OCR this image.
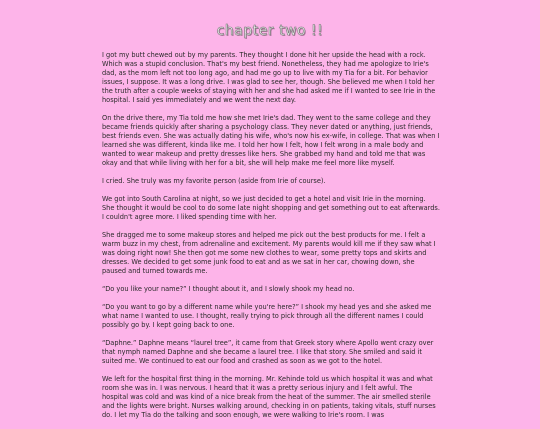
chapter two !!

I got my butt chewed out by my parents. They thought I done hit her upside the head with a rock. Which was a stupid conclusion. That's my best friend. Nonetheless, they had me apologize to Irie's dad, as the mom left not too long ago, and had me go up to live with my Tia for a bit. For behavior issues, I suppose. It was a long drive. I was glad to see her, though. She believed me when I told her the truth after a couple weeks of staying with her and she had asked me if I wanted to see Irie in the hospital. I said yes immediately and we went the next day.

On the drive there, my Tia told me how she met Irie's dad. They went to the same college and they became friends quickly after sharing a psychology class. They never dated or anything, just friends, best friends even. She was actually dating his wife, who's now his ex-wife, in college. That was when I learned she was different, kinda like me. I told her how I felt, how I felt wrong in a male body and wanted to wear makeup and pretty dresses like hers. She grabbed my hand and told me that was okay and that while living with her for a bit, she will help make me feel more like myself.

I cried. She truly was my favorite person (aside from Irie of course).

We got into South Carolina at night, so we just decided to get a hotel and visit Irie in the morning. She thought it would be cool to do some late night shopping and get something out to eat afterwards. I couldn't agree more. I liked spending time with her.

She dragged me to some makeup stores and helped me pick out the best products for me. I felt a warm buzz in my chest, from adrenaline and excitement. My parents would kill me if they saw what I was doing right now! She then got me some new clothes to wear, some pretty tops and skirts and dresses. We decided to get some junk food to eat and as we sat in her car, chowing down, she paused and turned towards me.

“Do you like your name?” I thought about it, and I slowly shook my head no.

“Do you want to go by a different name while you're here?” I shook my head yes and she asked me what name I wanted to use. I thought, really trying to pick through all the different names I could possibly go by. I kept going back to one.

“Daphne.” Daphne means “laurel tree”, it came from that Greek story where Apollo went crazy over that nymph named Daphne and she became a laurel tree. I like that story. She smiled and said it suited me. We continued to eat our food and crashed as soon as we got to the hotel.

We left for the hospital first thing in the morning. Mr. Kehinde told us which hospital it was and what room she was in. I was nervous. I heard that it was a pretty serious injury and I felt awful. The hospital was cold and was kind of a nice break from the heat of the summer. The air smelled sterile and the lights were bright. Nurses walking around, checking in on patients, taking vitals, stuff nurses do. I let my Tia do the talking and soon enough, we were walking to Irie's room. I was
